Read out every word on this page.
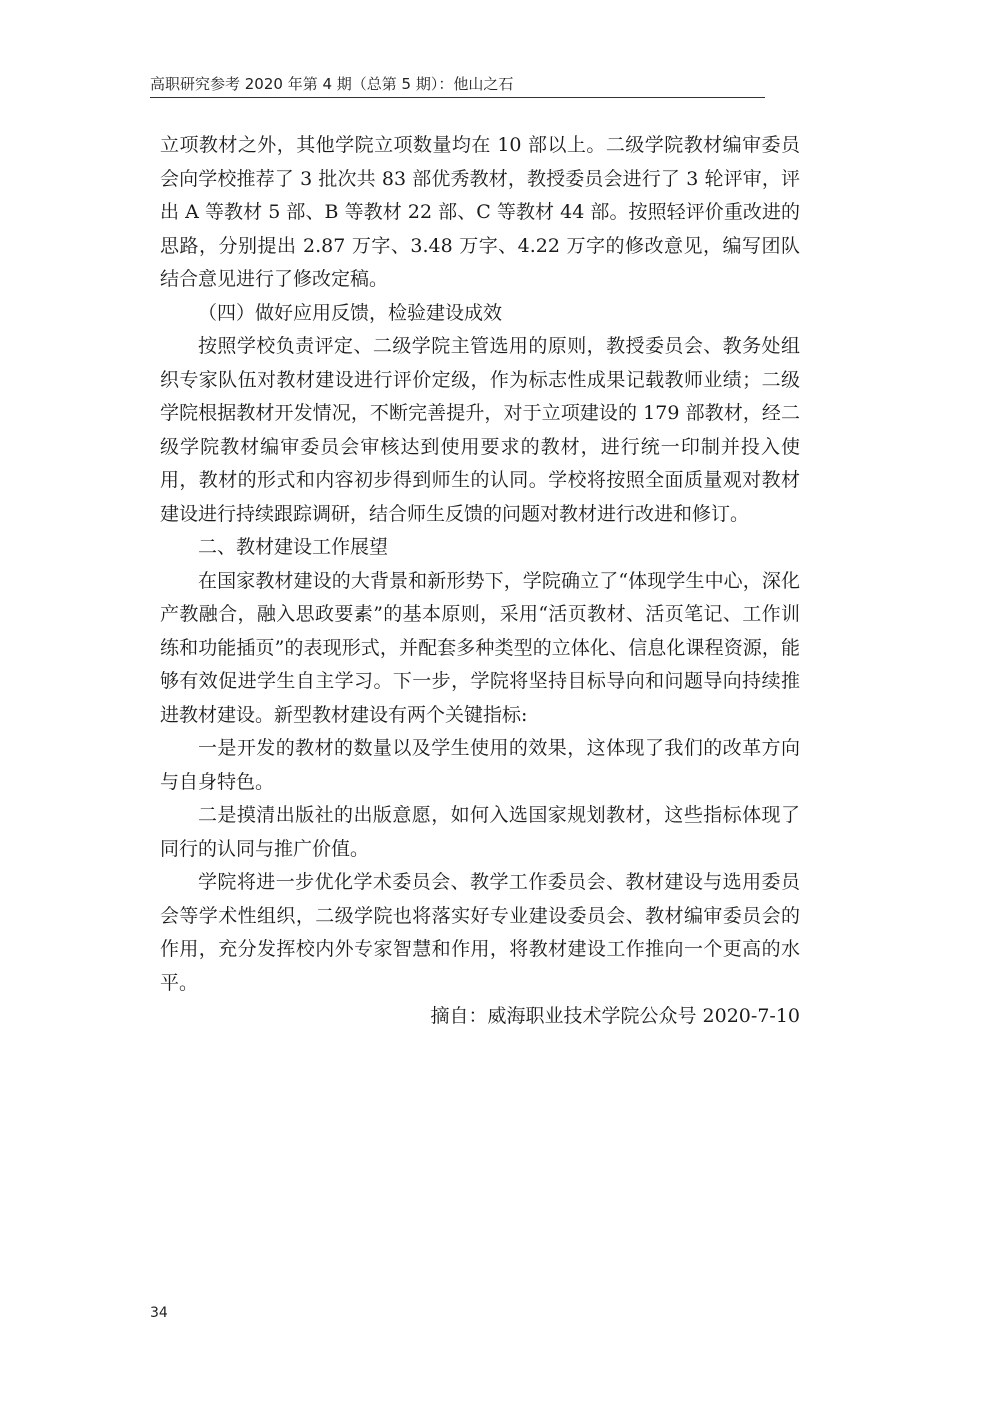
高职研究参考 2020 年第 4 期（总第 5 期）：他山之石

立项教材之外，其他学院立项数量均在 10 部以上。二级学院教材编审委员会向学校推荐了 3 批次共 83 部优秀教材，教授委员会进行了 3 轮评审，评出 A 等教材 5 部、B 等教材 22 部、C 等教材 44 部。按照轻评价重改进的思路，分别提出 2.87 万字、3.48 万字、4.22 万字的修改意见，编写团队结合意见进行了修改定稿。

（四）做好应用反馈，检验建设成效

按照学校负责评定、二级学院主管选用的原则，教授委员会、教务处组织专家队伍对教材建设进行评价定级，作为标志性成果记载教师业绩；二级学院根据教材开发情况，不断完善提升，对于立项建设的 179 部教材，经二级学院教材编审委员会审核达到使用要求的教材，进行统一印制并投入使用，教材的形式和内容初步得到师生的认同。学校将按照全面质量观对教材建设进行持续跟踪调研，结合师生反馈的问题对教材进行改进和修订。

二、教材建设工作展望

在国家教材建设的大背景和新形势下，学院确立了“体现学生中心，深化产教融合，融入思政要素”的基本原则，采用“活页教材、活页笔记、工作训练和功能插页”的表现形式，并配套多种类型的立体化、信息化课程资源，能够有效促进学生自主学习。下一步，学院将坚持目标导向和问题导向持续推进教材建设。新型教材建设有两个关键指标:

一是开发的教材的数量以及学生使用的效果，这体现了我们的改革方向与自身特色。

二是摸清出版社的出版意愿，如何入选国家规划教材，这些指标体现了同行的认同与推广价值。

学院将进一步优化学术委员会、教学工作委员会、教材建设与选用委员会等学术性组织，二级学院也将落实好专业建设委员会、教材编审委员会的作用，充分发挥校内外专家智慧和作用，将教材建设工作推向一个更高的水平。

摘自：威海职业技术学院公众号 2020-7-10

34
